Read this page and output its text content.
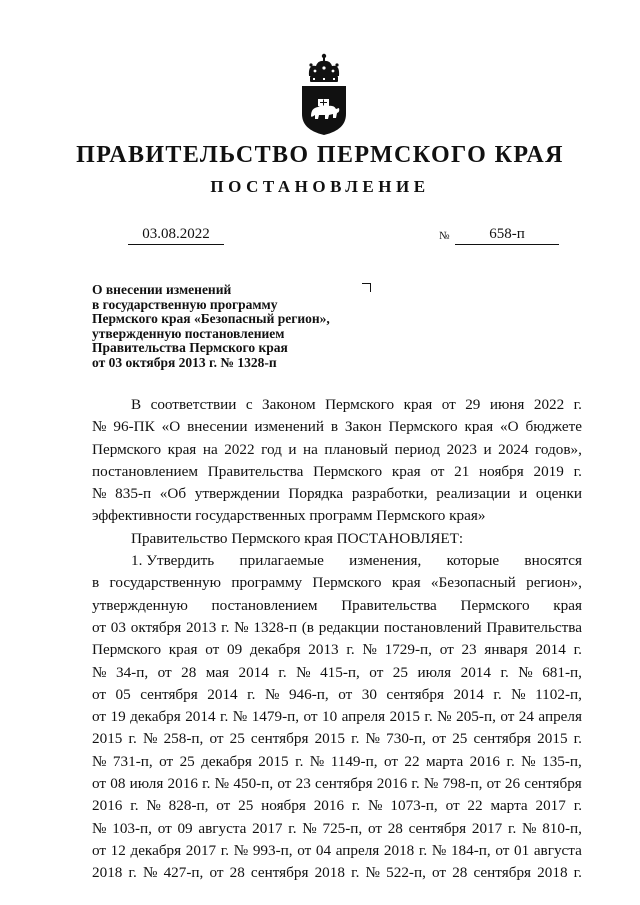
ПРАВИТЕЛЬСТВО ПЕРМСКОГО КРАЯ
ПОСТАНОВЛЕНИЕ
03.08.2022	№	658-п
О внесении изменений
в государственную программу
Пермского края «Безопасный регион»,
утвержденную постановлением
Правительства Пермского края
от 03 октября 2013 г. № 1328-п
В соответствии с Законом Пермского края от 29 июня 2022 г.
№ 96-ПК «О внесении изменений в Закон Пермского края «О бюджете
Пермского края на 2022 год и на плановый период 2023 и 2024 годов»,
постановлением Правительства Пермского края от 21 ноября 2019 г.
№ 835-п «Об утверждении Порядка разработки, реализации и оценки
эффективности государственных программ Пермского края»
Правительство Пермского края ПОСТАНОВЛЯЕТ:
1. Утвердить прилагаемые изменения, которые вносятся
в государственную программу Пермского края «Безопасный регион»,
утвержденную постановлением Правительства Пермского края
от 03 октября 2013 г. № 1328-п (в редакции постановлений Правительства
Пермского края от 09 декабря 2013 г. № 1729-п, от 23 января 2014 г.
№ 34-п, от 28 мая 2014 г. № 415-п, от 25 июля 2014 г. № 681-п,
от 05 сентября 2014 г. № 946-п, от 30 сентября 2014 г. № 1102-п,
от 19 декабря 2014 г. № 1479-п, от 10 апреля 2015 г. № 205-п, от 24 апреля
2015 г. № 258-п, от 25 сентября 2015 г. № 730-п, от 25 сентября 2015 г.
№ 731-п, от 25 декабря 2015 г. № 1149-п, от 22 марта 2016 г. № 135-п,
от 08 июля 2016 г. № 450-п, от 23 сентября 2016 г. № 798-п, от 26 сентября
2016 г. № 828-п, от 25 ноября 2016 г. № 1073-п, от 22 марта 2017 г.
№ 103-п, от 09 августа 2017 г. № 725-п, от 28 сентября 2017 г. № 810-п,
от 12 декабря 2017 г. № 993-п, от 04 апреля 2018 г. № 184-п, от 01 августа
2018 г. № 427-п, от 28 сентября 2018 г. № 522-п, от 28 сентября 2018 г.
